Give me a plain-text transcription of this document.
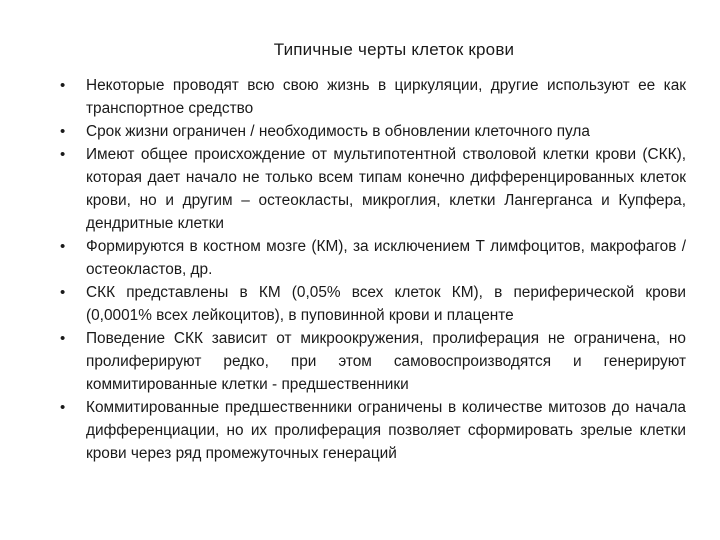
Типичные черты клеток крови
•	Некоторые проводят всю свою жизнь в циркуляции, другие используют ее как транспортное средство
•	Срок жизни ограничен / необходимость в обновлении клеточного пула
•	Имеют общее происхождение от мультипотентной стволовой клетки крови (СКК), которая дает начало не только всем типам конечно дифференцированных клеток крови, но и другим – остеокласты, микроглия, клетки Лангерганса и Купфера, дендритные клетки
•	Формируются в костном мозге (КМ), за исключением Т лимфоцитов, макрофагов / остеокластов, др.
•	СКК представлены в КМ (0,05% всех клеток КМ), в периферической крови (0,0001% всех лейкоцитов), в пуповинной крови и плаценте
•	Поведение СКК зависит от микроокружения, пролиферация не ограничена, но пролиферируют редко, при этом самовоспроизводятся и генерируют коммитированные клетки - предшественники
•	Коммитированные предшественники ограничены в количестве митозов до начала дифференциации, но их пролиферация позволяет сформировать зрелые клетки крови через ряд промежуточных генераций
